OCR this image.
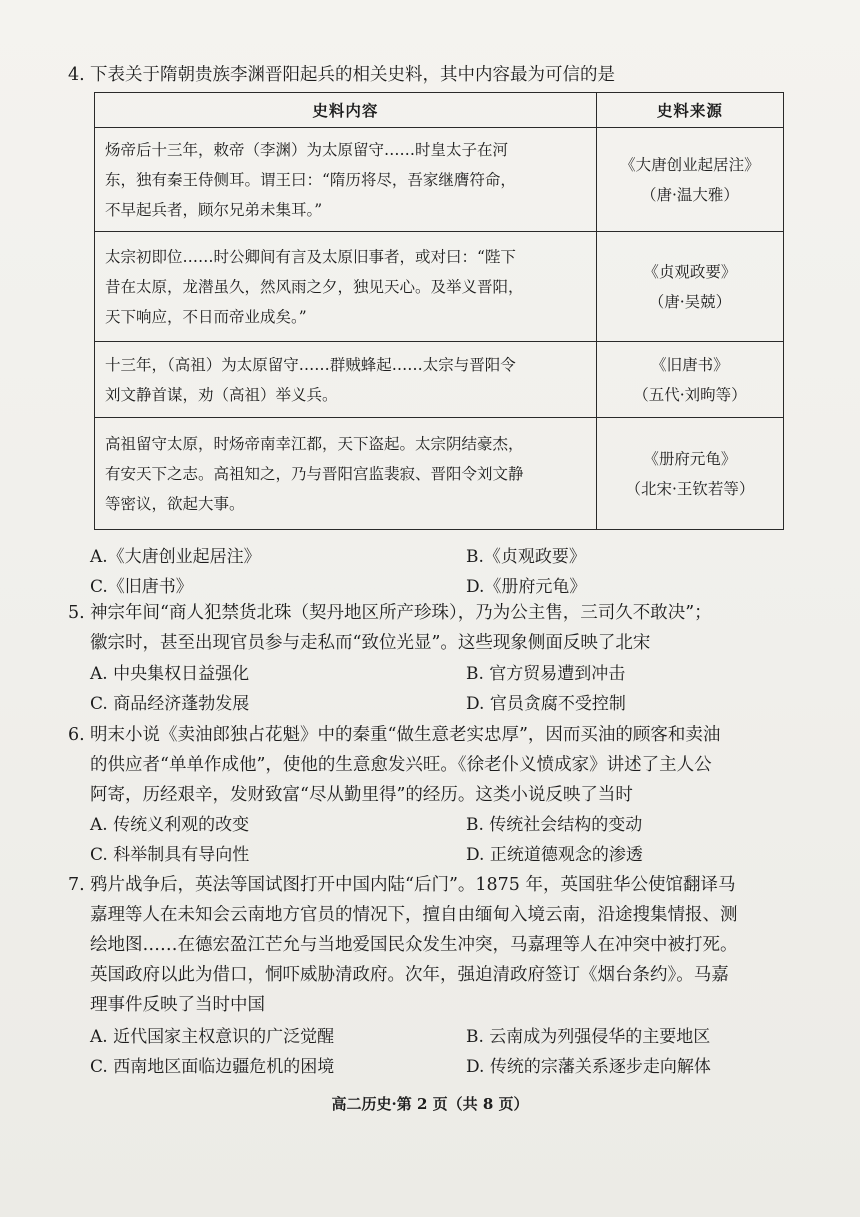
4. 下表关于隋朝贵族李渊晋阳起兵的相关史料，其中内容最为可信的是
史料内容	史料来源

炀帝后十三年，敕帝（李渊）为太原留守……时皇太子在河
东，独有秦王侍侧耳。谓王曰：“隋历将尽，吾家继膺符命，
不早起兵者，顾尔兄弟未集耳。”	《大唐创业起居注》
（唐·温大雅）

太宗初即位……时公卿间有言及太原旧事者，或对曰：“陛下
昔在太原，龙潜虽久，然风雨之夕，独见天心。及举义晋阳，
天下响应，不日而帝业成矣。”	《贞观政要》
（唐·吴兢）

十三年，（高祖）为太原留守……群贼蜂起……太宗与晋阳令
刘文静首谋，劝（高祖）举义兵。	《旧唐书》
（五代·刘昫等）

高祖留守太原，时炀帝南幸江都，天下盗起。太宗阴结豪杰，
有安天下之志。高祖知之，乃与晋阳宫监裴寂、晋阳令刘文静
等密议，欲起大事。	《册府元龟》
（北宋·王钦若等）
A.《大唐创业起居注》	B.《贞观政要》
C.《旧唐书》	D.《册府元龟》
5. 神宗年间“商人犯禁货北珠（契丹地区所产珍珠），乃为公主售，三司久不敢决”；
徽宗时，甚至出现官员参与走私而“致位光显”。这些现象侧面反映了北宋
A. 中央集权日益强化	B. 官方贸易遭到冲击
C. 商品经济蓬勃发展	D. 官员贪腐不受控制
6. 明末小说《卖油郎独占花魁》中的秦重“做生意老实忠厚”，因而买油的顾客和卖油
的供应者“单单作成他”，使他的生意愈发兴旺。《徐老仆义愤成家》讲述了主人公
阿寄，历经艰辛，发财致富“尽从勤里得”的经历。这类小说反映了当时
A. 传统义利观的改变	B. 传统社会结构的变动
C. 科举制具有导向性	D. 正统道德观念的渗透
7. 鸦片战争后，英法等国试图打开中国内陆“后门”。1875 年，英国驻华公使馆翻译马
嘉理等人在未知会云南地方官员的情况下，擅自由缅甸入境云南，沿途搜集情报、测
绘地图……在德宏盈江芒允与当地爱国民众发生冲突，马嘉理等人在冲突中被打死。
英国政府以此为借口，恫吓威胁清政府。次年，强迫清政府签订《烟台条约》。马嘉
理事件反映了当时中国
A. 近代国家主权意识的广泛觉醒	B. 云南成为列强侵华的主要地区
C. 西南地区面临边疆危机的困境	D. 传统的宗藩关系逐步走向解体
高二历史·第 2 页（共 8 页）
